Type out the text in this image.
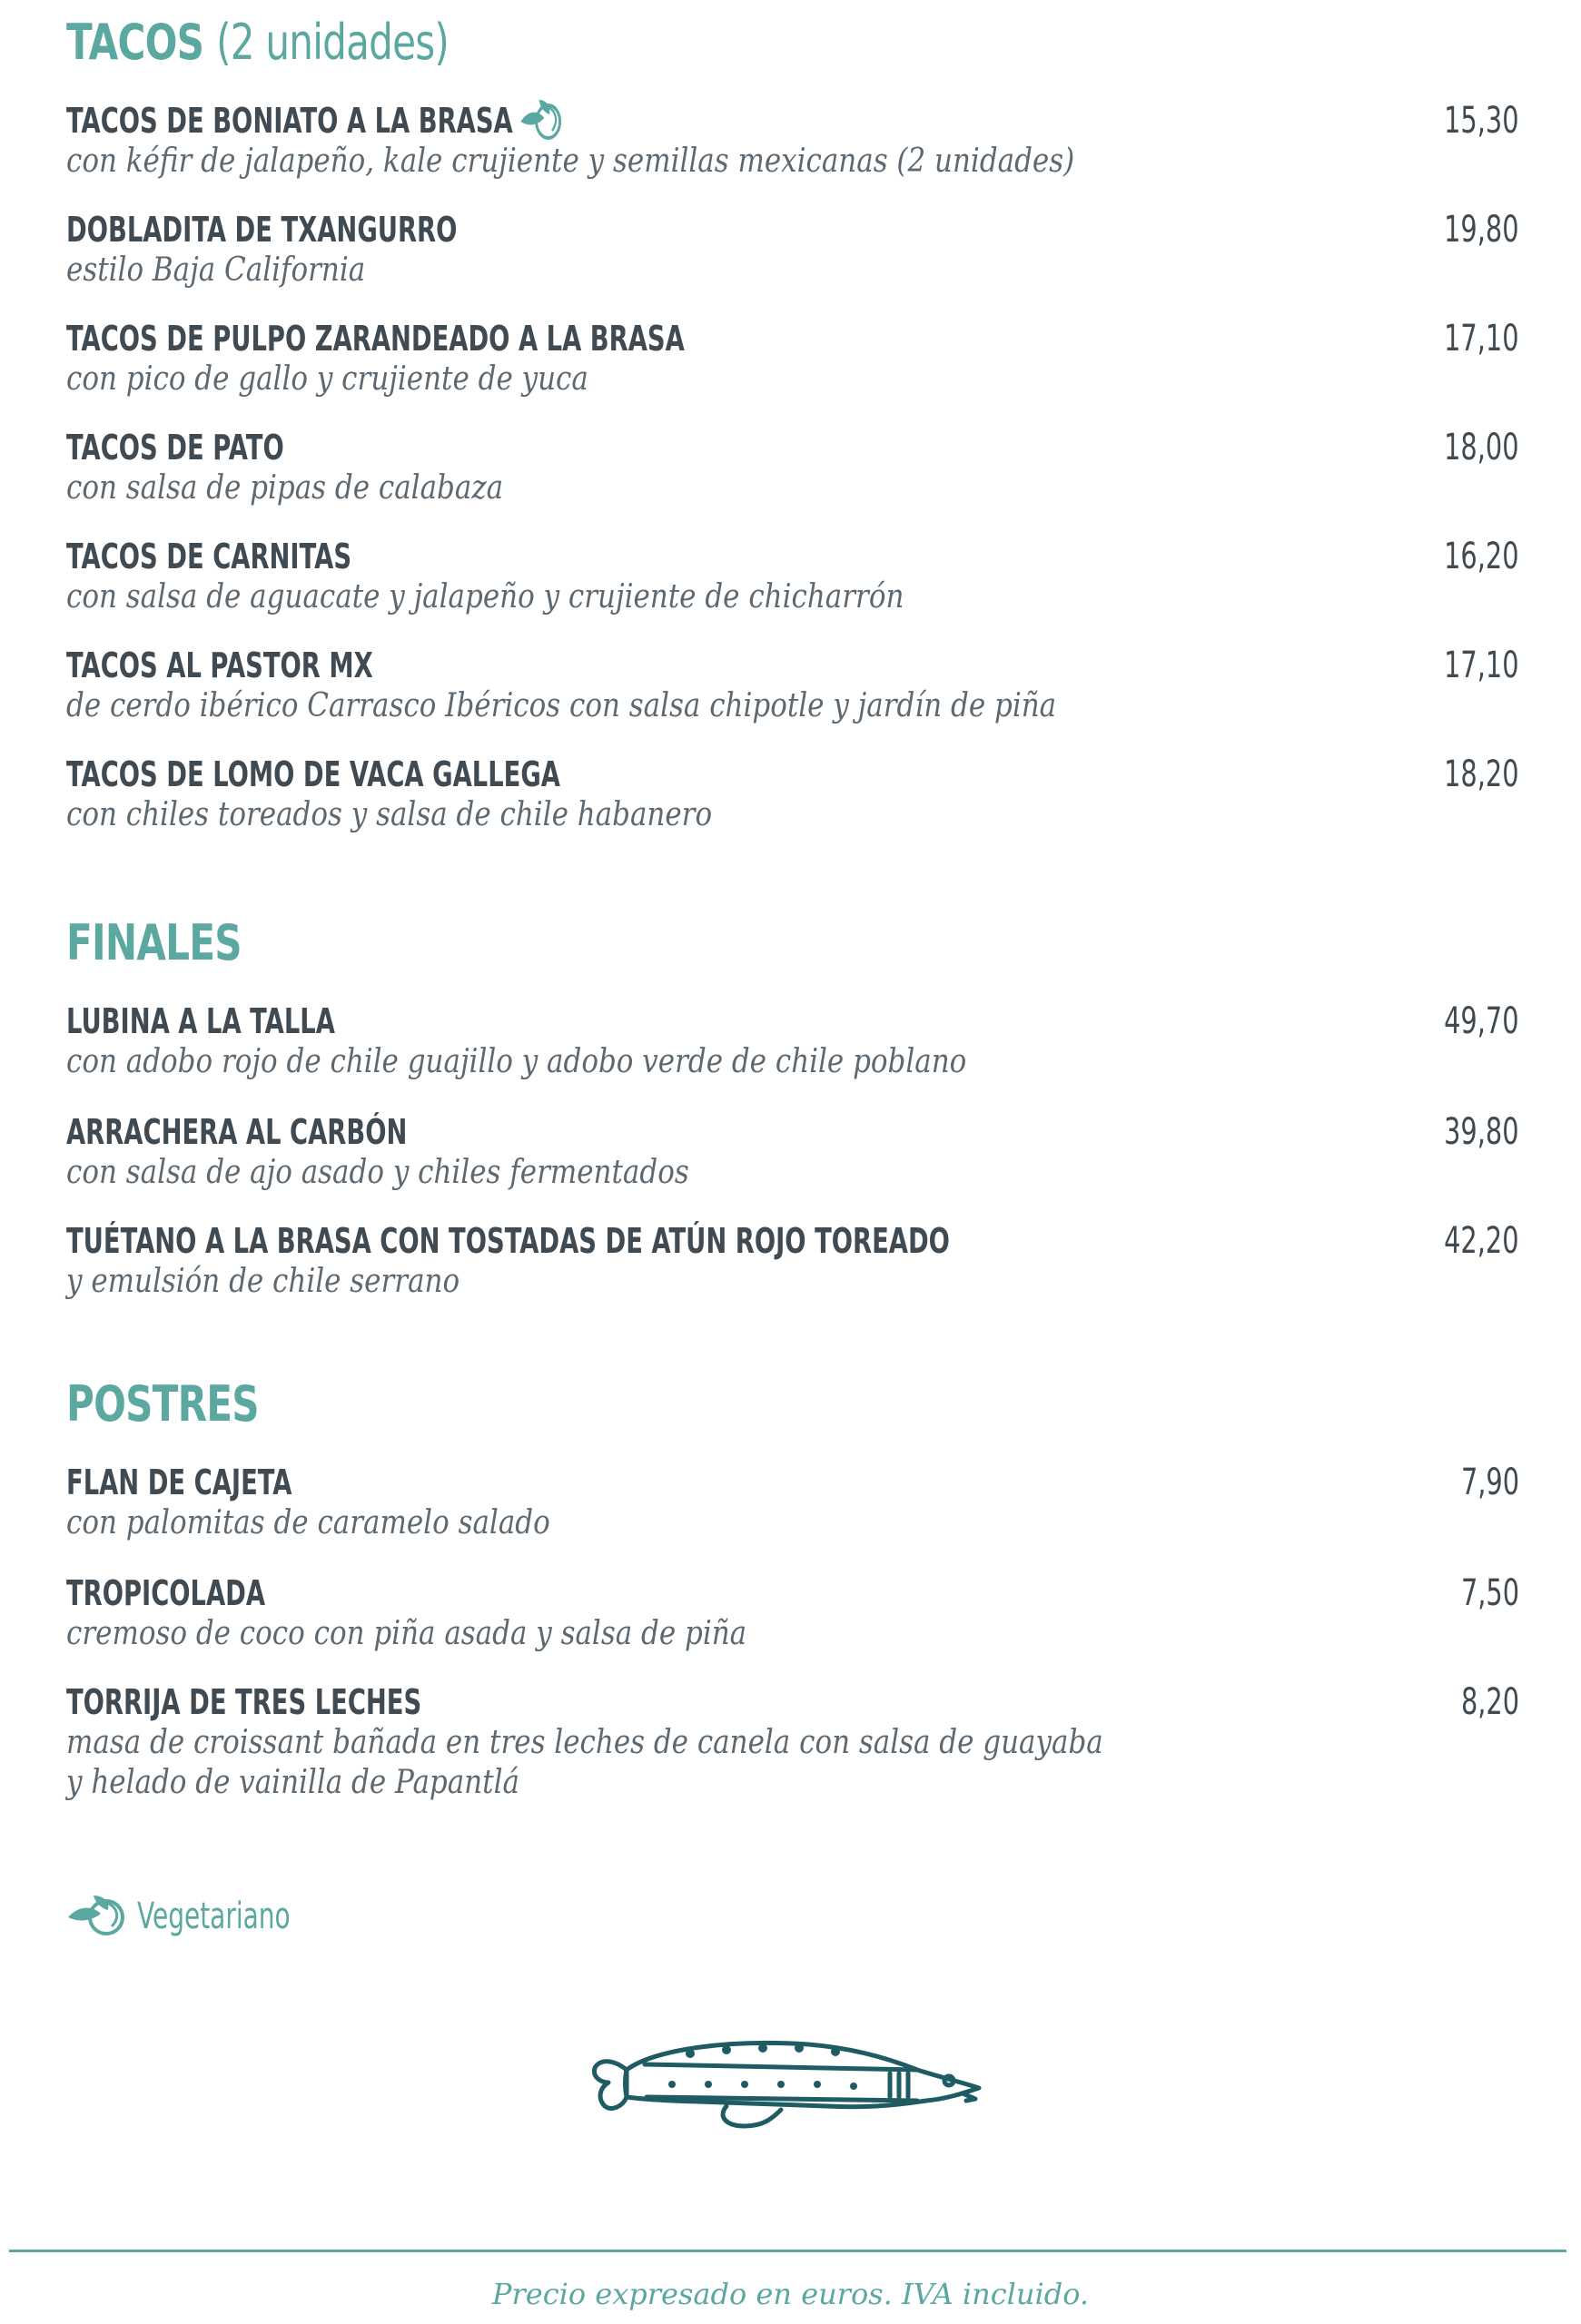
TACOS (2 unidades)
TACOS DE BONIATO A LA BRASA
con kéfir de jalapeño, kale crujiente y semillas mexicanas (2 unidades)
15,30
DOBLADITA DE TXANGURRO
estilo Baja California
19,80
TACOS DE PULPO ZARANDEADO A LA BRASA
con pico de gallo y crujiente de yuca
17,10
TACOS DE PATO
con salsa de pipas de calabaza
18,00
TACOS DE CARNITAS
con salsa de aguacate y jalapeño y crujiente de chicharrón
16,20
TACOS AL PASTOR MX
de cerdo ibérico Carrasco Ibéricos con salsa chipotle y jardín de piña
17,10
TACOS DE LOMO DE VACA GALLEGA
con chiles toreados y salsa de chile habanero
18,20
FINALES
LUBINA A LA TALLA
con adobo rojo de chile guajillo y adobo verde de chile poblano
49,70
ARRACHERA AL CARBÓN
con salsa de ajo asado y chiles fermentados
39,80
TUÉTANO A LA BRASA CON TOSTADAS DE ATÚN ROJO TOREADO
y emulsión de chile serrano
42,20
POSTRES
FLAN DE CAJETA
con palomitas de caramelo salado
7,90
TROPICOLADA
cremoso de coco con piña asada y salsa de piña
7,50
TORRIJA DE TRES LECHES
masa de croissant bañada en tres leches de canela con salsa de guayaba
y helado de vainilla de Papantlá
8,20
Vegetariano
Precio expresado en euros. IVA incluido.
